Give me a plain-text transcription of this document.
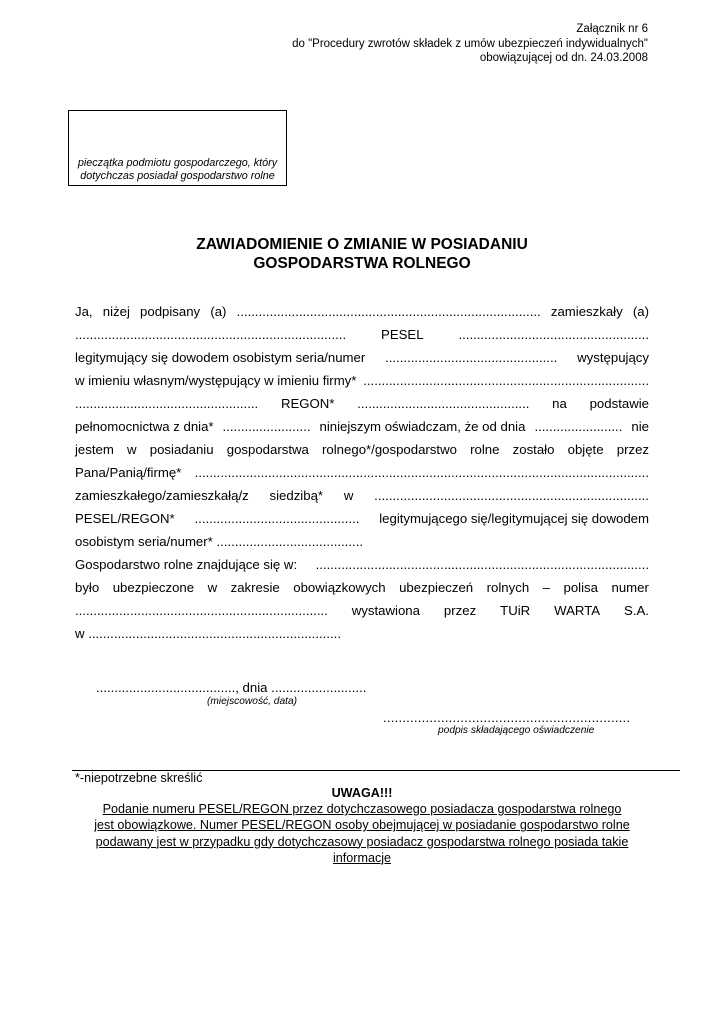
Załącznik nr 6
do "Procedury zwrotów składek z umów ubezpieczeń indywidualnych"
obowiązującej od dn. 24.03.2008
pieczątka podmiotu gospodarczego, który
dotychczas posiadał gospodarstwo rolne
ZAWIADOMIENIE O ZMIANIE W POSIADANIU
GOSPODARSTWA ROLNEGO
Ja, niżej podpisany (a) ................................................................................... zamieszkały (a)
..........................................................................	PESEL	....................................................
legitymujący się dowodem osobistym seria/numer ............................................... występujący
w imieniu własnym/występujący w imieniu firmy* ..............................................................................
.................................................. REGON* ............................................... na podstawie
pełnomocnictwa z dnia* ........................ niniejszym oświadczam, że od dnia ........................ nie
jestem w posiadaniu gospodarstwa rolnego*/gospodarstwo rolne zostało objęte przez
Pana/Panią/firmę* ............................................................................................................................
zamieszkałego/zamieszkałą/z siedzibą* w ...........................................................................
PESEL/REGON* ............................................. legitymującego się/legitymującej się dowodem
osobistym seria/numer* ........................................
Gospodarstwo rolne znajdujące się w: ...........................................................................................
było ubezpieczone w zakresie obowiązkowych ubezpieczeń rolnych – polisa numer
..................................................................... wystawiona przez TUiR WARTA S.A.
w .....................................................................
......................................, dnia ..........................
(miejscowość, data)
................................................................
podpis składającego oświadczenie
*-niepotrzebne skreślić
UWAGA!!!
Podanie numeru PESEL/REGON przez dotychczasowego posiadacza gospodarstwa rolnego
jest obowiązkowe. Numer PESEL/REGON osoby obejmującej w posiadanie gospodarstwo rolne
podawany jest w przypadku gdy dotychczasowy posiadacz gospodarstwa rolnego posiada takie
informacje
